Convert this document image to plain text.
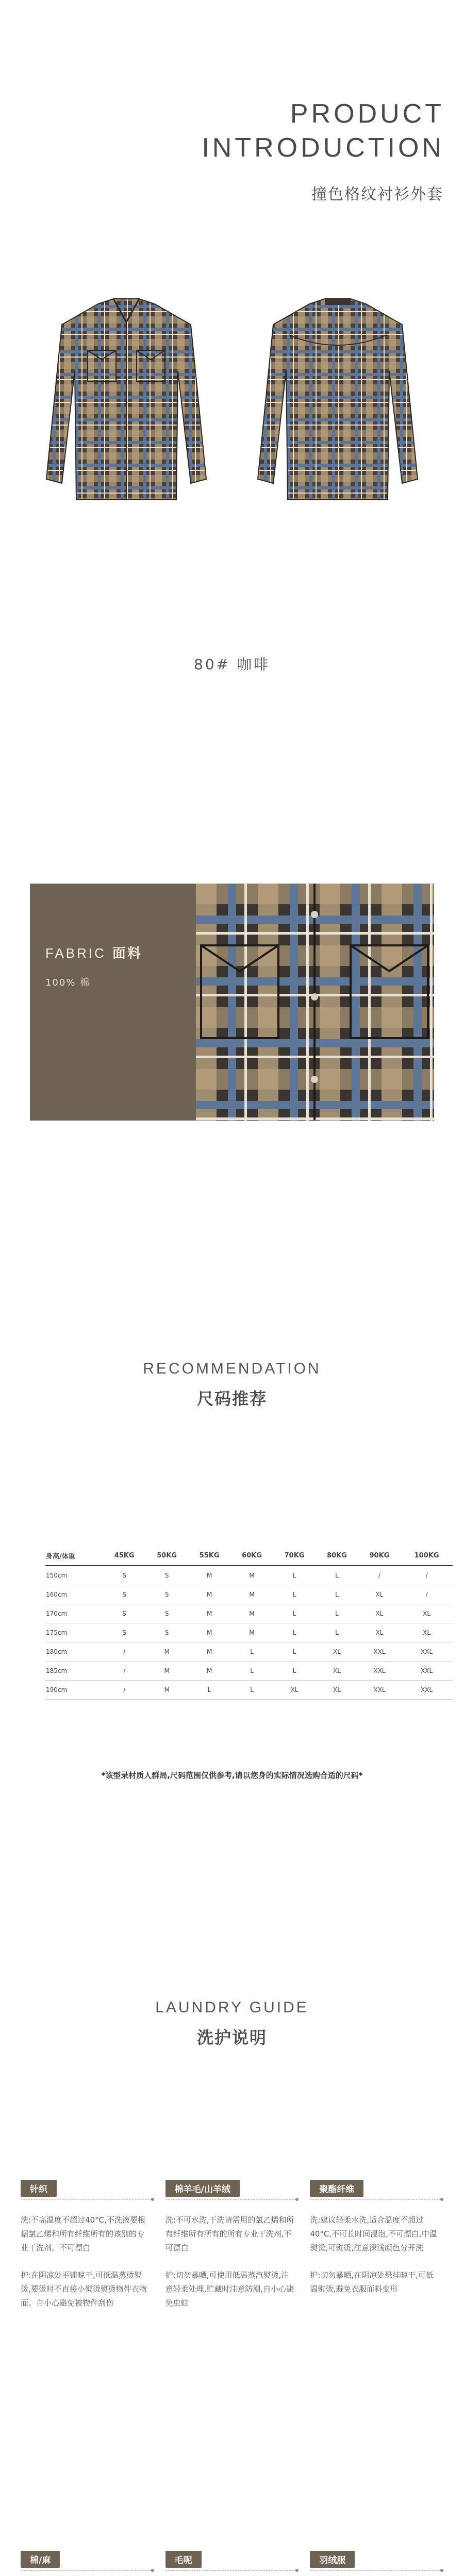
PRODUCT
INTRODUCTION
撞色格纹衬衫外套
80# 咖啡
FABRIC 面料
100% 棉
RECOMMENDATION
尺码推荐
身高/体重	45KG	50KG	55KG	60KG	70KG	80KG	90KG	100KG
150cm	S	S	M	M	L	L	/	/
160cm	S	S	M	M	L	L	XL	/
170cm	S	S	M	M	L	L	XL	XL
175cm	S	S	M	M	L	L	XL	XL
180cm	/	M	M	L	L	XL	XXL	XXL
185cm	/	M	M	L	L	XL	XXL	XXL
190cm	/	M	L	L	XL	XL	XXL	XXL
*该型录材质人群局,尺码范围仅供参考,请以您身的实际情况选购合适的尺码*
LAUNDRY GUIDE
洗护说明
针织

洗:不高温度不超过40°C,不洗液要根据氯乙烯和所有纤维所有的该别的专业干洗剂。不可漂白

护:在阴凉处平铺晾干,可低温蒸烫熨烫,要烫时不直接小熨烫熨烫物件衣物面。自小心避免被物件刮伤

棉羊毛/山羊绒

洗:不可水洗,干洗请需用的氯乙烯和所有纤维所有所有的所有专业干洗剂,不可漂白

护:切勿暴晒,可使用低温蒸汽熨烫,注意轻柔处理,贮藏时注意防潮,自小心避免虫蛀

聚酯纤维

洗:建议轻柔水洗,适合温度不超过40°C,不可长时间浸泡,不可漂白,中温熨烫,可熨烫,注意深浅颜色分开洗

护:切勿暴晒,在阴凉处悬挂晾干,可低温熨烫,避免衣服面料变形

棉/麻	毛呢	羽绒服
